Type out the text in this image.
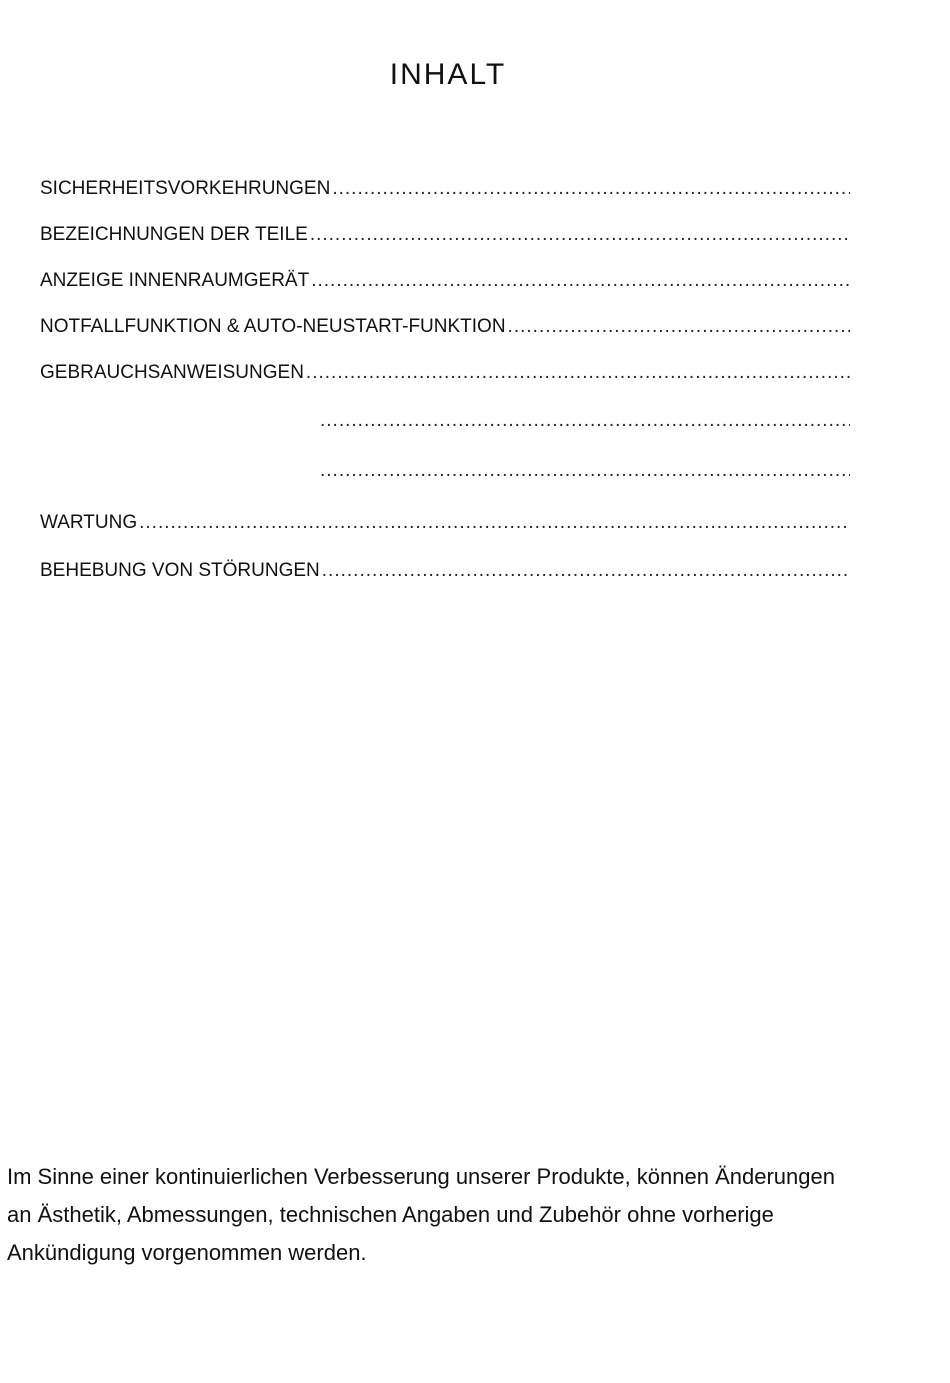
INHALT
SICHERHEITSVORKEHRUNGEN
.....
BEZEICHNUNGEN DER TEILE
.....
ANZEIGE INNENRAUMGERÄT
.....
NOTFALLFUNKTION & AUTO-NEUSTART-FUNKTION
.....
GEBRAUCHSANWEISUNGEN
.....
.....
.....
WARTUNG
.....
BEHEBUNG VON STÖRUNGEN
.....

Im Sinne einer kontinuierlichen Verbesserung unserer Produkte, können Änderungen
an Ästhetik, Abmessungen, technischen Angaben und Zubehör ohne vorherige
Ankündigung vorgenommen werden.
